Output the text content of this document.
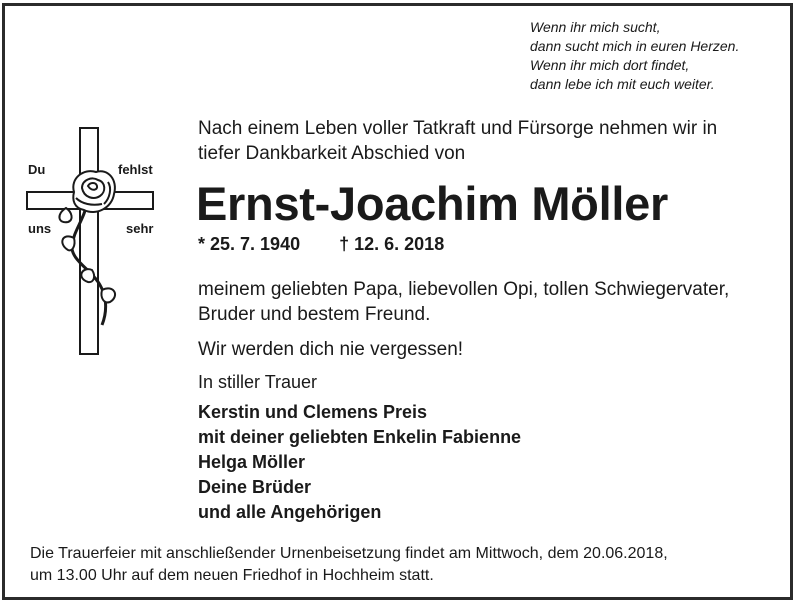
Wenn ihr mich sucht,
dann sucht mich in euren Herzen.
Wenn ihr mich dort findet,
dann lebe ich mit euch weiter.
Du	fehlst
uns	sehr
Nach einem Leben voller Tatkraft und Fürsorge nehmen wir in
tiefer Dankbarkeit Abschied von
Ernst-Joachim Möller
* 25. 7. 1940 † 12. 6. 2018
meinem geliebten Papa, liebevollen Opi, tollen Schwiegervater,
Bruder und bestem Freund.
Wir werden dich nie vergessen!
In stiller Trauer
Kerstin und Clemens Preis
mit deiner geliebten Enkelin Fabienne
Helga Möller
Deine Brüder
und alle Angehörigen
Die Trauerfeier mit anschließender Urnenbeisetzung findet am Mittwoch, dem 20.06.2018,
um 13.00 Uhr auf dem neuen Friedhof in Hochheim statt.
